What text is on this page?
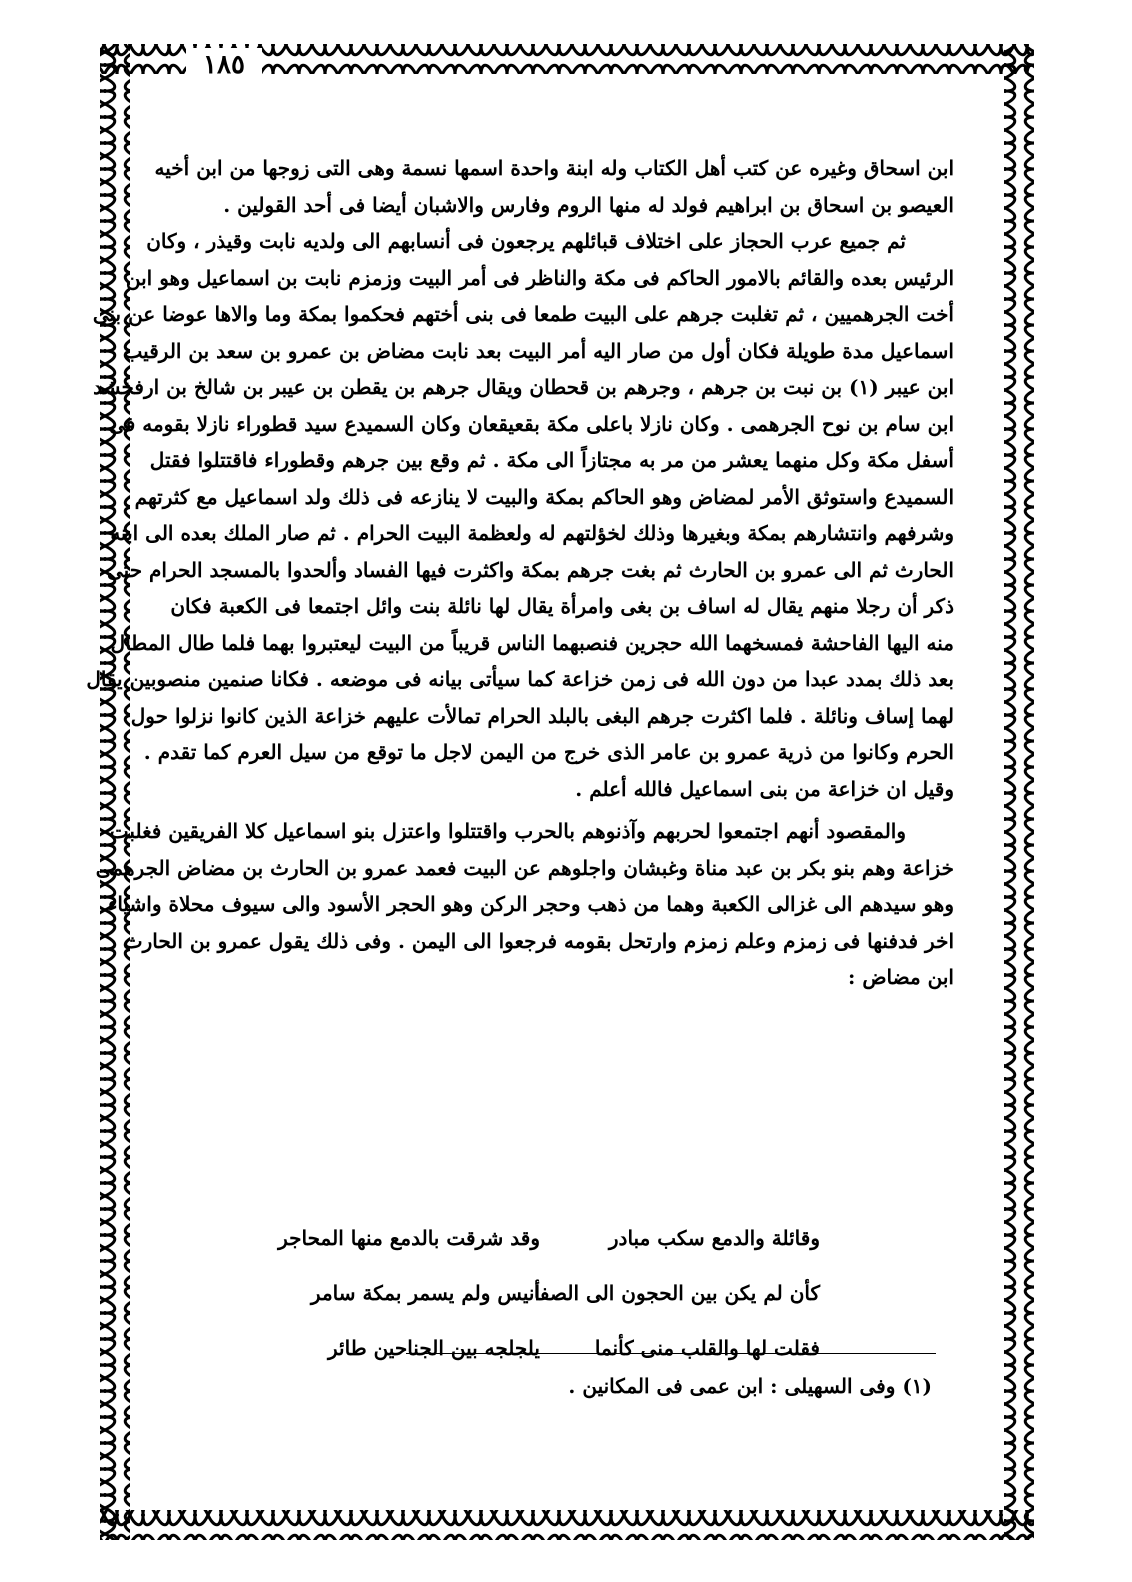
١٨٥
ابن اسحاق وغيره عن كتب أهل الكتاب وله ابنة واحدة اسمها نسمة وهى التى زوجها من ابن أخيه
العيصو بن اسحاق بن ابراهيم فولد له منها الروم وفارس والاشبان أيضا فى أحد القولين .
ثم جميع عرب الحجاز على اختلاف قبائلهم يرجعون فى أنسابهم الى ولديه نابت وقيذر ، وكان
الرئيس بعده والقائم بالامور الحاكم فى مكة والناظر فى أمر البيت وزمزم نابت بن اسماعيل وهو ابن
أخت الجرهميين ، ثم تغلبت جرهم على البيت طمعا فى بنى أختهم فحكموا بمكة وما والاها عوضا عن بنى
اسماعيل مدة طويلة فكان أول من صار اليه أمر البيت بعد نابت مضاض بن عمرو بن سعد بن الرقيب
ابن عيبر (١) بن نبت بن جرهم ، وجرهم بن قحطان ويقال جرهم بن يقطن بن عيبر بن شالخ بن ارفخشد
ابن سام بن نوح الجرهمى . وكان نازلا باعلى مكة بقعيقعان وكان السميدع سيد قطوراء نازلا بقومه فى
أسفل مكة وكل منهما يعشر من مر به مجتازاً الى مكة . ثم وقع بين جرهم وقطوراء فاقتتلوا فقتل
السميدع واستوثق الأمر لمضاض وهو الحاكم بمكة والبيت لا ينازعه فى ذلك ولد اسماعيل مع كثرتهم
وشرفهم وانتشارهم بمكة وبغيرها وذلك لخؤلتهم له ولعظمة البيت الحرام . ثم صار الملك بعده الى ابنه
الحارث ثم الى عمرو بن الحارث ثم بغت جرهم بمكة واكثرت فيها الفساد وألحدوا بالمسجد الحرام حتى
ذكر أن رجلا منهم يقال له اساف بن بغى وامرأة يقال لها نائلة بنت وائل اجتمعا فى الكعبة فكان
منه اليها الفاحشة فمسخهما الله حجرين فنصبهما الناس قريباً من البيت ليعتبروا بهما فلما طال المطال
بعد ذلك بمدد عبدا من دون الله فى زمن خزاعة كما سيأتى بيانه فى موضعه . فكانا صنمين منصوبين يقال
لهما إساف ونائلة . فلما اكثرت جرهم البغى بالبلد الحرام تمالأت عليهم خزاعة الذين كانوا نزلوا حول
الحرم وكانوا من ذرية عمرو بن عامر الذى خرج من اليمن لاجل ما توقع من سيل العرم كما تقدم .
وقيل ان خزاعة من بنى اسماعيل فالله أعلم .
والمقصود أنهم اجتمعوا لحربهم وآذنوهم بالحرب واقتتلوا واعتزل بنو اسماعيل كلا الفريقين فغلبت
خزاعة وهم بنو بكر بن عبد مناة وغبشان واجلوهم عن البيت فعمد عمرو بن الحارث بن مضاض الجرهمى
وهو سيدهم الى غزالى الكعبة وهما من ذهب وحجر الركن وهو الحجر الأسود والى سيوف محلاة واشياء
اخر فدفنها فى زمزم وعلم زمزم وارتحل بقومه فرجعوا الى اليمن . وفى ذلك يقول عمرو بن الحارث
ابن مضاض :
وقائلة والدمع سكب مبادر
كأن لم يكن بين الحجون الى الصفا
فقلت لها والقلب منى كأنما
وقد شرقت بالدمع منها المحاجر
أنيس ولم يسمر بمكة سامر
يلجلجه بين الجناحين طائر
(١) وفى السهيلى : ابن عمى فى المكانين .
